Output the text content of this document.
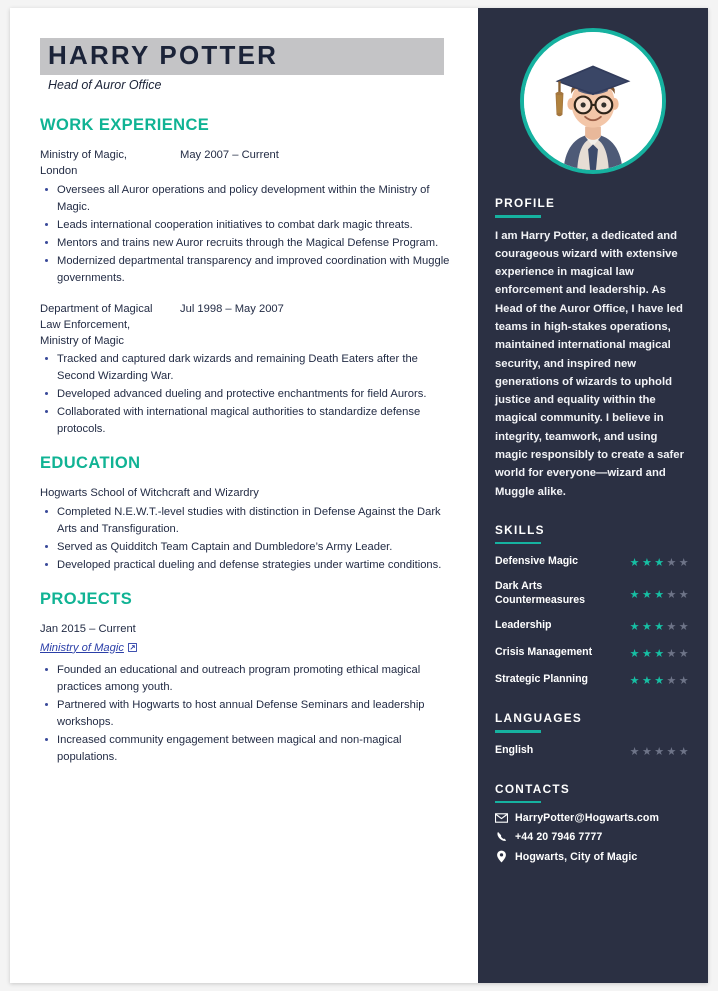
HARRY POTTER
Head of Auror Office
WORK EXPERIENCE
Ministry of Magic,	May 2007 – Current
London
Oversees all Auror operations and policy development within the Ministry of Magic.
Leads international cooperation initiatives to combat dark magic threats.
Mentors and trains new Auror recruits through the Magical Defense Program.
Modernized departmental transparency and improved coordination with Muggle governments.
Department of Magical	Jul 1998 – May 2007
Law Enforcement,
Ministry of Magic
Tracked and captured dark wizards and remaining Death Eaters after the Second Wizarding War.
Developed advanced dueling and protective enchantments for field Aurors.
Collaborated with international magical authorities to standardize defense protocols.
EDUCATION
Hogwarts School of Witchcraft and Wizardry
Completed N.E.W.T.-level studies with distinction in Defense Against the Dark Arts and Transfiguration.
Served as Quidditch Team Captain and Dumbledore’s Army Leader.
Developed practical dueling and defense strategies under wartime conditions.
PROJECTS
Jan 2015 – Current
Ministry of Magic
Founded an educational and outreach program promoting ethical magical practices among youth.
Partnered with Hogwarts to host annual Defense Seminars and leadership workshops.
Increased community engagement between magical and non-magical populations.
PROFILE
I am Harry Potter, a dedicated and courageous wizard with extensive experience in magical law enforcement and leadership. As Head of the Auror Office, I have led teams in high-stakes operations, maintained international magical security, and inspired new generations of wizards to uphold justice and equality within the magical community. I believe in integrity, teamwork, and using magic responsibly to create a safer world for everyone—wizard and Muggle alike.
SKILLS
Defensive Magic	★★★★★
Dark Arts Countermeasures	★★★★★
Leadership	★★★★★
Crisis Management	★★★★★
Strategic Planning	★★★★★
LANGUAGES
English	★★★★★
CONTACTS
HarryPotter@Hogwarts.com
+44 20 7946 7777
Hogwarts, City of Magic
